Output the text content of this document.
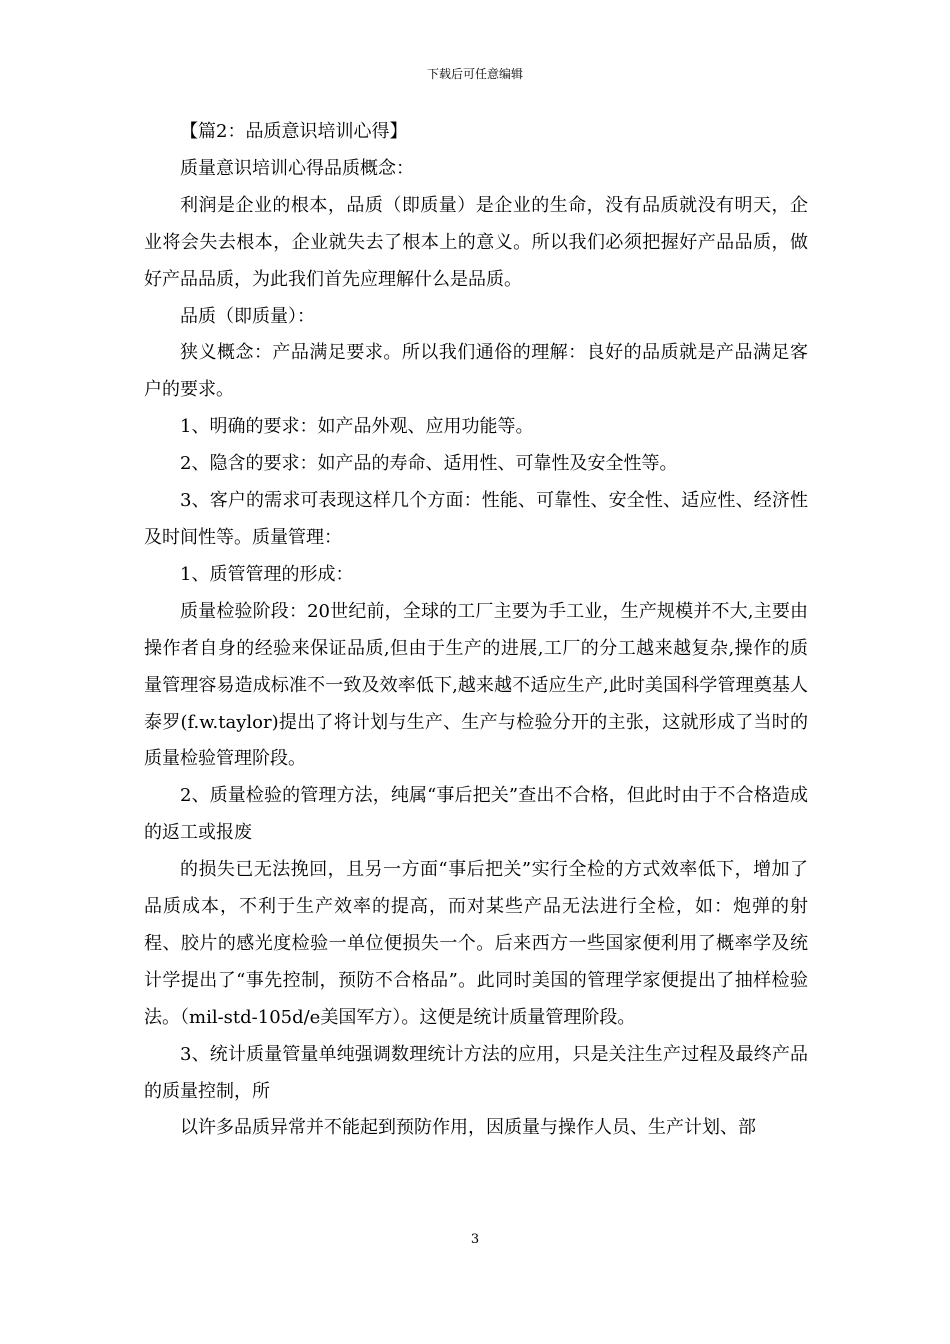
下载后可任意编辑

【篇2：品质意识培训心得】

质量意识培训心得品质概念：

利润是企业的根本，品质（即质量）是企业的生命，没有品质就没有明天，企业将会失去根本，企业就失去了根本上的意义。所以我们必须把握好产品品质，做好产品品质，为此我们首先应理解什么是品质。

品质（即质量）：

狭义概念：产品满足要求。所以我们通俗的理解：良好的品质就是产品满足客户的要求。

1、明确的要求：如产品外观、应用功能等。

2、隐含的要求：如产品的寿命、适用性、可靠性及安全性等。

3、客户的需求可表现这样几个方面：性能、可靠性、安全性、适应性、经济性及时间性等。质量管理：

1、质管管理的形成：

质量检验阶段：20世纪前，全球的工厂主要为手工业，生产规模并不大,主要由操作者自身的经验来保证品质,但由于生产的进展,工厂的分工越来越复杂,操作的质量管理容易造成标准不一致及效率低下,越来越不适应生产,此时美国科学管理奠基人泰罗(f.w.taylor)提出了将计划与生产、生产与检验分开的主张，这就形成了当时的质量检验管理阶段。

2、质量检验的管理方法，纯属“事后把关”查出不合格，但此时由于不合格造成的返工或报废

的损失已无法挽回，且另一方面“事后把关”实行全检的方式效率低下，增加了品质成本，不利于生产效率的提高，而对某些产品无法进行全检，如：炮弹的射程、胶片的感光度检验一单位便损失一个。后来西方一些国家便利用了概率学及统计学提出了“事先控制，预防不合格品”。此同时美国的管理学家便提出了抽样检验法。（mil-std-105d/e美国军方）。这便是统计质量管理阶段。

3、统计质量管量单纯强调数理统计方法的应用，只是关注生产过程及最终产品的质量控制，所

以许多品质异常并不能起到预防作用，因质量与操作人员、生产计划、部

3
